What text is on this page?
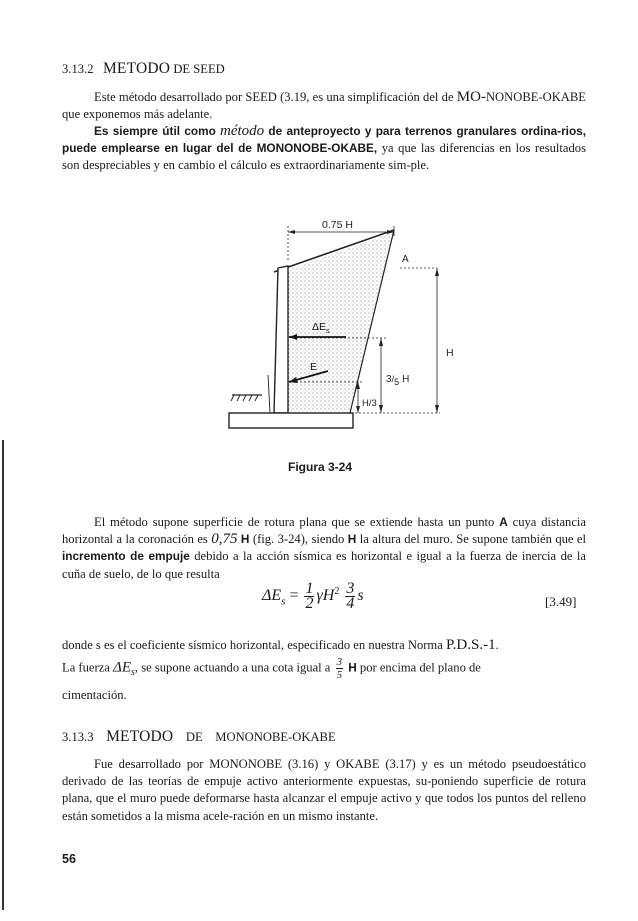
3.13.2 METODO DE SEED
Este método desarrollado por SEED (3.19, es una simplificación del de MO-NONOBE-OKABE que exponemos más adelante.
Es siempre útil como método de anteproyecto y para terrenos granulares ordina-rios, puede emplearse en lugar del de MONONOBE-OKABE, ya que las diferencias en los resultados son despreciables y en cambio el cálculo es extraordinariamente sim-ple.
0.75 H
A
$\Delta E_s$
E
H
3/5 H
H/3
Figura 3-24
El método supone superficie de rotura plana que se extiende hasta un punto A cuya distancia horizontal a la coronación es 0,75 H (fig. 3-24), siendo H la altura del muro. Se supone también que el incremento de empuje debido a la acción sísmica es horizontal e igual a la fuerza de inercia de la cuña de suelo, de lo que resulta
$\Delta E_s = \frac{1}{2} \gamma H^2 \frac{3}{4}$ s	[3.49]
donde s es el coeficiente sísmico horizontal, especificado en nuestra Norma P.D.S.-1.
La fuerza $\Delta E_s$, se supone actuando a una cota igual a $\frac{3}{5}$ H por encima del plano de
cimentación.
3.13.3 METODO DE MONONOBE-OKABE
Fue desarrollado por MONONOBE (3.16) y OKABE (3.17) y es un método pseudoestático derivado de las teorías de empuje activo anteriormente expuestas, su-poniendo superficie de rotura plana, que el muro puede deformarse hasta alcanzar el empuje activo y que todos los puntos del relleno están sometidos a la misma acele-ración en un mismo instante.
56
